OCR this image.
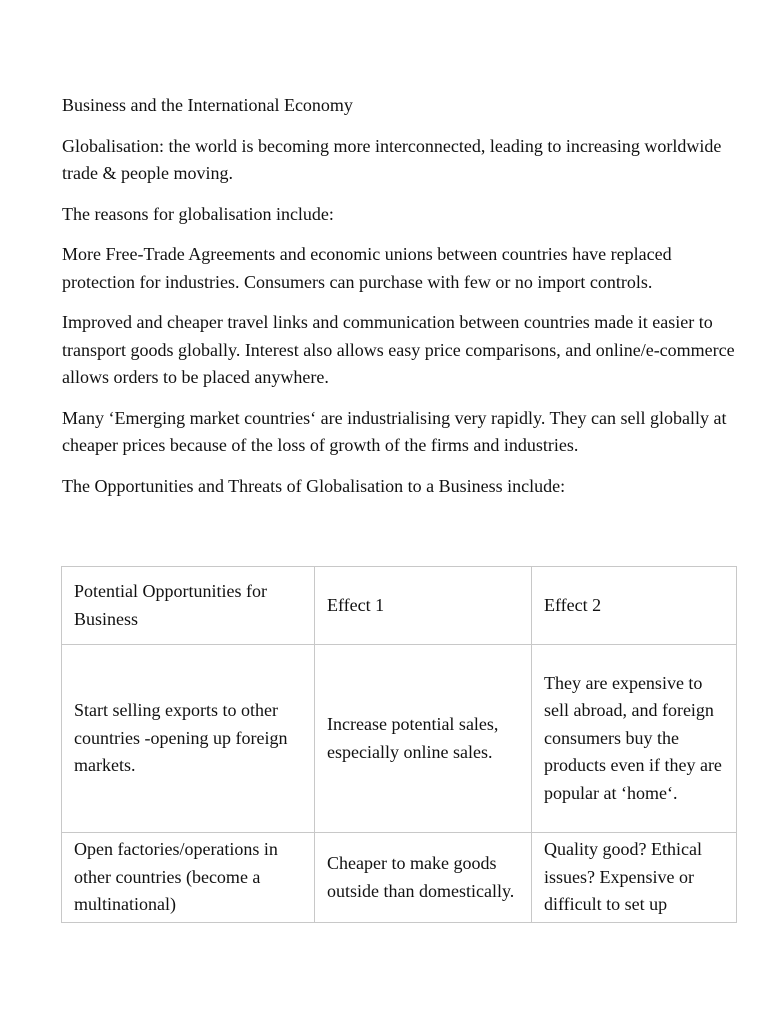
Business and the International Economy

Globalisation: the world is becoming more interconnected, leading to increasing worldwide trade & people moving.

The reasons for globalisation include:

More Free-Trade Agreements and economic unions between countries have replaced protection for industries. Consumers can purchase with few or no import controls.

Improved and cheaper travel links and communication between countries made it easier to transport goods globally. Interest also allows easy price comparisons, and online/e-commerce allows orders to be placed anywhere.

Many ‘Emerging market countries‘ are industrialising very rapidly. They can sell globally at cheaper prices because of the loss of growth of the firms and industries.

The Opportunities and Threats of Globalisation to a Business include:

Potential Opportunities for Business	Effect 1	Effect 2
Start selling exports to other countries -opening up foreign markets.	Increase potential sales, especially online sales.	They are expensive to sell abroad, and foreign consumers buy the products even if they are popular at ‘home‘.
Open factories/operations in other countries (become a multinational)	Cheaper to make goods outside than domestically.	Quality good? Ethical issues? Expensive or difficult to set up
